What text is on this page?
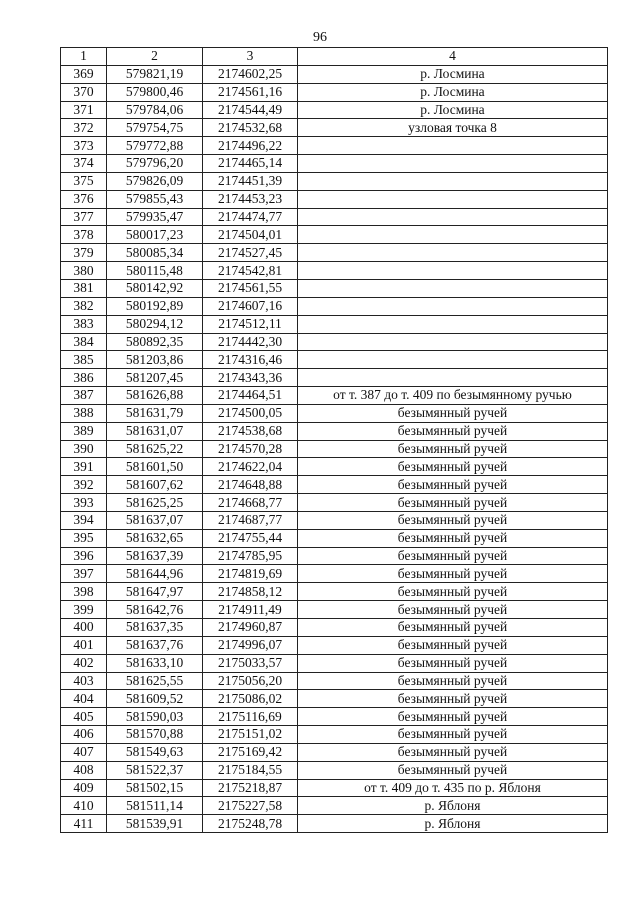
96
1	2	3	4
369	579821,19	2174602,25	р. Лосмина
370	579800,46	2174561,16	р. Лосмина
371	579784,06	2174544,49	р. Лосмина
372	579754,75	2174532,68	узловая точка 8
373	579772,88	2174496,22	
374	579796,20	2174465,14	
375	579826,09	2174451,39	
376	579855,43	2174453,23	
377	579935,47	2174474,77	
378	580017,23	2174504,01	
379	580085,34	2174527,45	
380	580115,48	2174542,81	
381	580142,92	2174561,55	
382	580192,89	2174607,16	
383	580294,12	2174512,11	
384	580892,35	2174442,30	
385	581203,86	2174316,46	
386	581207,45	2174343,36	
387	581626,88	2174464,51	от т. 387 до т. 409 по безымянному ручью
388	581631,79	2174500,05	безымянный ручей
389	581631,07	2174538,68	безымянный ручей
390	581625,22	2174570,28	безымянный ручей
391	581601,50	2174622,04	безымянный ручей
392	581607,62	2174648,88	безымянный ручей
393	581625,25	2174668,77	безымянный ручей
394	581637,07	2174687,77	безымянный ручей
395	581632,65	2174755,44	безымянный ручей
396	581637,39	2174785,95	безымянный ручей
397	581644,96	2174819,69	безымянный ручей
398	581647,97	2174858,12	безымянный ручей
399	581642,76	2174911,49	безымянный ручей
400	581637,35	2174960,87	безымянный ручей
401	581637,76	2174996,07	безымянный ручей
402	581633,10	2175033,57	безымянный ручей
403	581625,55	2175056,20	безымянный ручей
404	581609,52	2175086,02	безымянный ручей
405	581590,03	2175116,69	безымянный ручей
406	581570,88	2175151,02	безымянный ручей
407	581549,63	2175169,42	безымянный ручей
408	581522,37	2175184,55	безымянный ручей
409	581502,15	2175218,87	от т. 409 до т. 435 по р. Яблоня
410	581511,14	2175227,58	р. Яблоня
411	581539,91	2175248,78	р. Яблоня
